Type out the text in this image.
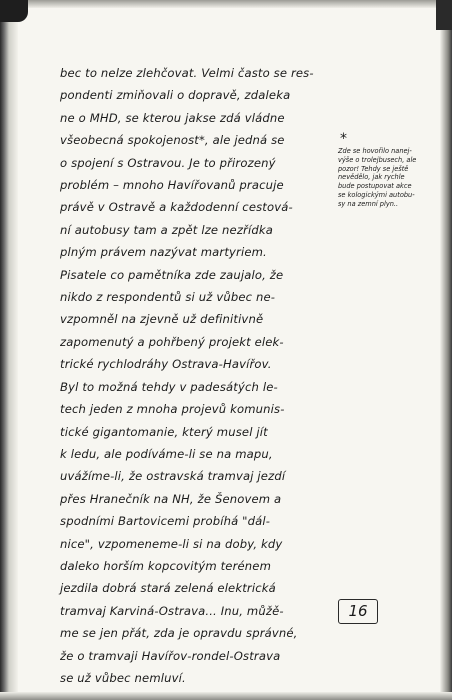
bec to nelze zlehčovat. Velmi často se res-
pondenti zmiňovali o dopravě, zdaleka
ne o MHD, se kterou jakse zdá vládne
všeobecná spokojenost*, ale jedná se
o spojení s Ostravou. Je to přirozený
problém – mnoho Havířovanů pracuje
právě v Ostravě a každodenní cestová-
ní autobusy tam a zpět lze nezřídka
plným právem nazývat martyriem.
Pisatele co pamětníka zde zaujalo, že
nikdo z respondentů si už vůbec ne-
vzpomněl na zjevně už definitivně
zapomenutý a pohřbený projekt elek-
trické rychlodráhy Ostrava-Havířov.
Byl to možná tehdy v padesátých le-
tech jeden z mnoha projevů komunis-
tické gigantomanie, který musel jít
k ledu, ale podíváme-li se na mapu,
uvážíme-li, že ostravská tramvaj jezdí
přes Hranečník na NH, že Šenovem a
spodními Bartovicemi probíhá "dál-
nice", vzpomeneme-li si na doby, kdy
daleko horším kopcovitým terénem
jezdila dobrá stará zelená elektrická
tramvaj Karviná-Ostrava... Inu, můžě-
me se jen přát, zda je opravdu správné,
že o tramvaji Havířov-rondel-Ostrava
se už vůbec nemluví.
*
Zde se hovořilo nanej-
výše o trolejbusech, ale
pozor! Tehdy se ještě
nevědělo, jak rychle
bude postupovat akce
se kologickými autobu-
sy na zemní plyn..
16
